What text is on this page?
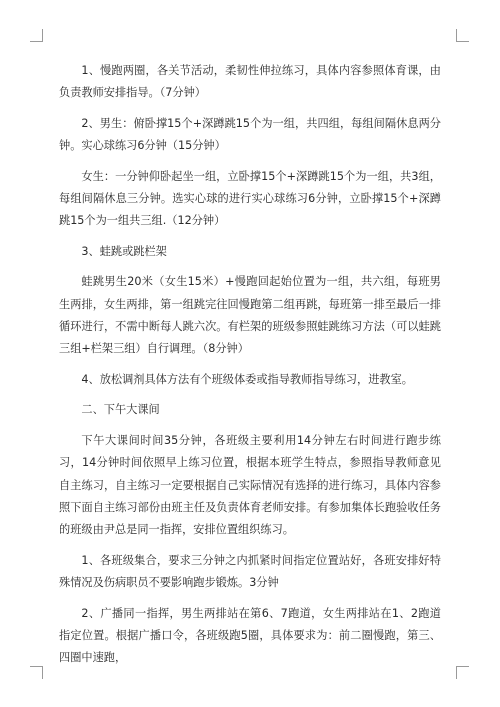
1、慢跑两圈，各关节活动，柔韧性伸拉练习，具体内容参照体育课，由负责教师安排指导。（7分钟）

2、男生：俯卧撑15个+深蹲跳15个为一组，共四组，每组间隔休息两分钟。实心球练习6分钟（15分钟）

女生：一分钟仰卧起坐一组，立卧撑15个+深蹲跳15个为一组，共3组，每组间隔休息三分钟。选实心球的进行实心球练习6分钟，立卧撑15个+深蹲跳15个为一组共三组.（12分钟）

3、蛙跳或跳栏架

蛙跳男生20米（女生15米）+慢跑回起始位置为一组，共六组，每班男生两排，女生两排，第一组跳完往回慢跑第二组再跳，每班第一排至最后一排循环进行，不需中断每人跳六次。有栏架的班级参照蛙跳练习方法（可以蛙跳三组+栏架三组）自行调理。（8分钟）

4、放松调剂具体方法有个班级体委或指导教师指导练习，进教室。

二、下午大课间

下午大课间时间35分钟，各班级主要利用14分钟左右时间进行跑步练习，14分钟时间依照早上练习位置，根据本班学生特点，参照指导教师意见自主练习，自主练习一定要根据自己实际情况有选择的进行练习，具体内容参照下面自主练习部份由班主任及负责体育老师安排。有参加集体长跑验收任务的班级由尹总是同一指挥，安排位置组织练习。

1、各班级集合，要求三分钟之内抓紧时间指定位置站好，各班安排好特殊情况及伤病职员不要影响跑步锻炼。3分钟

2、广播同一指挥，男生两排站在第6、7跑道，女生两排站在1、2跑道指定位置。根据广播口令，各班级跑5圈，具体要求为：前二圈慢跑，第三、四圈中速跑，
